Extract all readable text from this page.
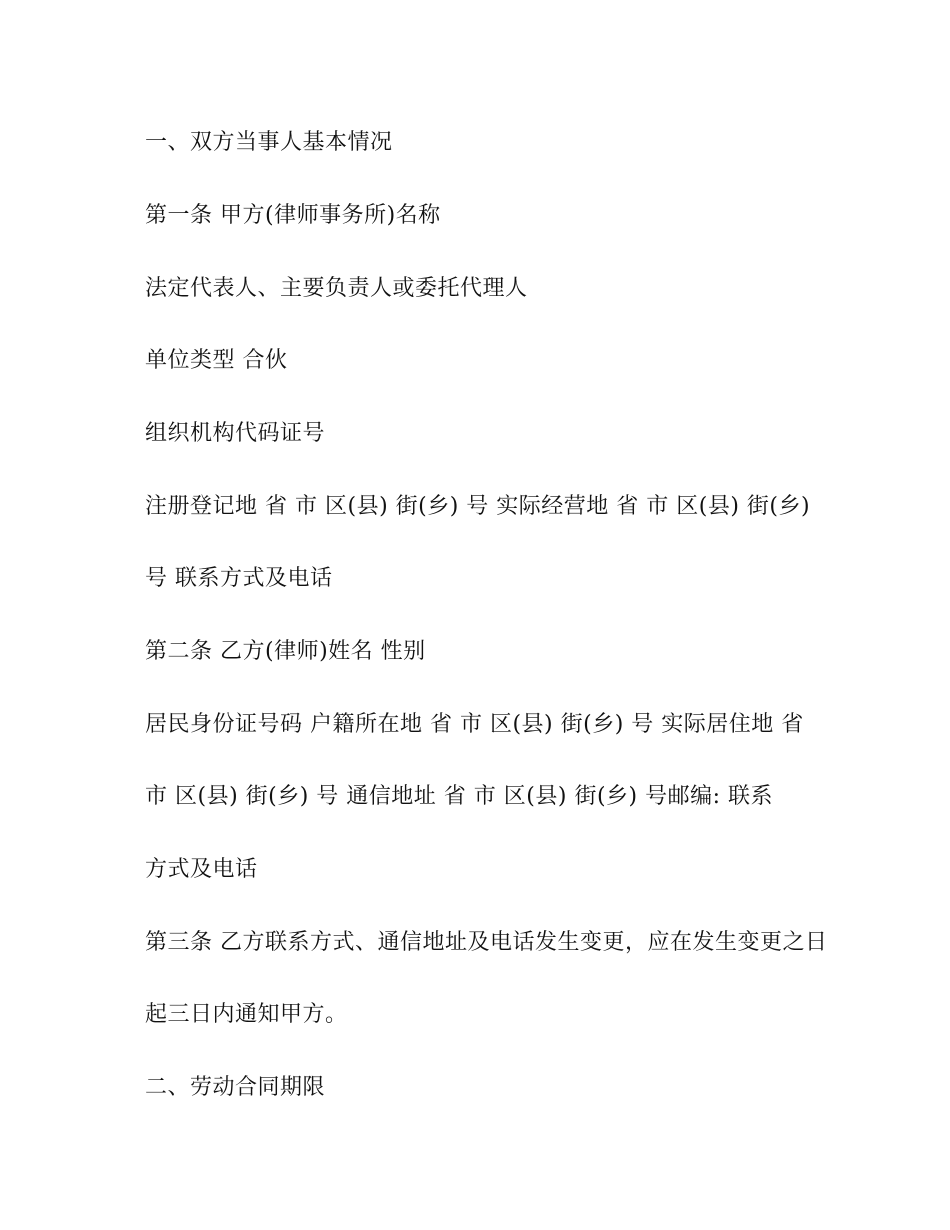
一、双方当事人基本情况
第一条 甲方(律师事务所)名称
法定代表人、主要负责人或委托代理人
单位类型 合伙
组织机构代码证号
注册登记地 省 市 区(县) 街(乡) 号 实际经营地 省 市 区(县) 街(乡)
号 联系方式及电话
第二条 乙方(律师)姓名 性别
居民身份证号码 户籍所在地 省 市 区(县) 街(乡) 号 实际居住地 省
市 区(县) 街(乡) 号 通信地址 省 市 区(县) 街(乡) 号邮编: 联系
方式及电话
第三条 乙方联系方式、通信地址及电话发生变更，应在发生变更之日
起三日内通知甲方。
二、劳动合同期限
